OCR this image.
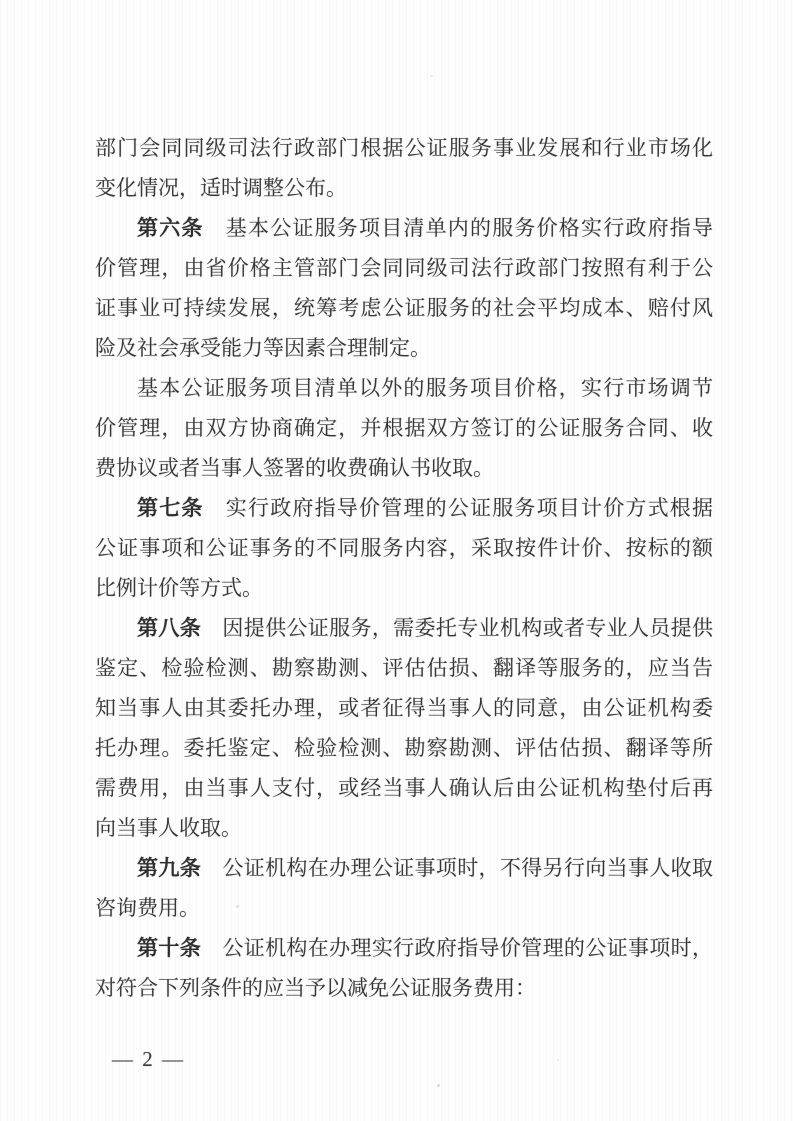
部门会同同级司法行政部门根据公证服务事业发展和行业市场化
变化情况，适时调整公布。
第六条　基本公证服务项目清单内的服务价格实行政府指导
价管理，由省价格主管部门会同同级司法行政部门按照有利于公
证事业可持续发展，统筹考虑公证服务的社会平均成本、赔付风
险及社会承受能力等因素合理制定。
基本公证服务项目清单以外的服务项目价格，实行市场调节
价管理，由双方协商确定，并根据双方签订的公证服务合同、收
费协议或者当事人签署的收费确认书收取。
第七条　实行政府指导价管理的公证服务项目计价方式根据
公证事项和公证事务的不同服务内容，采取按件计价、按标的额
比例计价等方式。
第八条　因提供公证服务，需委托专业机构或者专业人员提供
鉴定、检验检测、勘察勘测、评估估损、翻译等服务的，应当告
知当事人由其委托办理，或者征得当事人的同意，由公证机构委
托办理。委托鉴定、检验检测、勘察勘测、评估估损、翻译等所
需费用，由当事人支付，或经当事人确认后由公证机构垫付后再
向当事人收取。
第九条　公证机构在办理公证事项时，不得另行向当事人收取
咨询费用。
第十条　公证机构在办理实行政府指导价管理的公证事项时，
对符合下列条件的应当予以减免公证服务费用：
— 2 —
